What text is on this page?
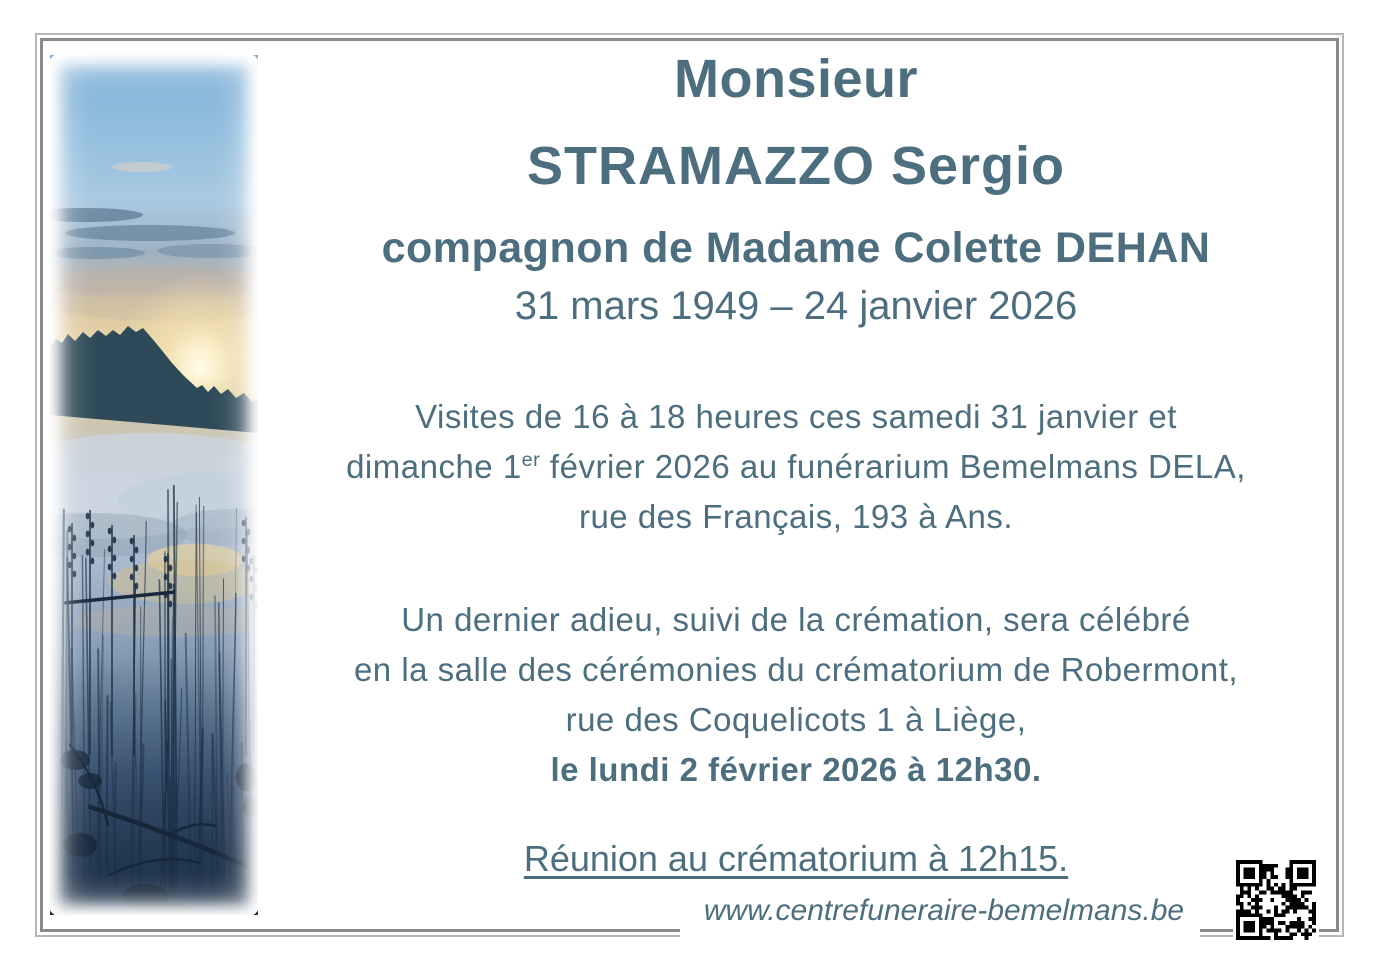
Monsieur
STRAMAZZO Sergio
compagnon de Madame Colette DEHAN
31 mars 1949 – 24 janvier 2026
Visites de 16 à 18 heures ces samedi 31 janvier et
dimanche 1er février 2026 au funérarium Bemelmans DELA,
rue des Français, 193 à Ans.
Un dernier adieu, suivi de la crémation, sera célébré
en la salle des cérémonies du crématorium de Robermont,
rue des Coquelicots 1 à Liège,
le lundi 2 février 2026 à 12h30.
Réunion au crématorium à 12h15.
www.centrefuneraire-bemelmans.be
